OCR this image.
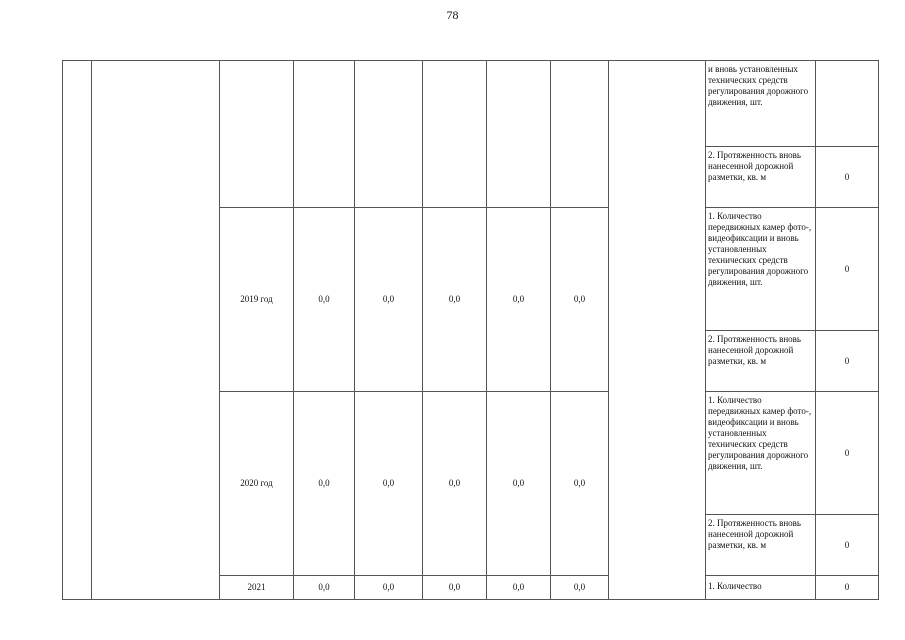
78
									и вновь установленных технических средств регулирования дорожного движения, шт.	
									2. Протяженность вновь нанесенной дорожной разметки, кв. м	0
		2019 год	0,0	0,0	0,0	0,0	0,0		1. Количество передвижных камер фото-, видеофиксации и вновь установленных технических средств регулирования дорожного движения, шт.	0
									2. Протяженность вновь нанесенной дорожной разметки, кв. м	0
		2020 год	0,0	0,0	0,0	0,0	0,0		1. Количество передвижных камер фото-, видеофиксации и вновь установленных технических средств регулирования дорожного движения, шт.	0
									2. Протяженность вновь нанесенной дорожной разметки, кв. м	0
		2021	0,0	0,0	0,0	0,0	0,0		1. Количество	0
